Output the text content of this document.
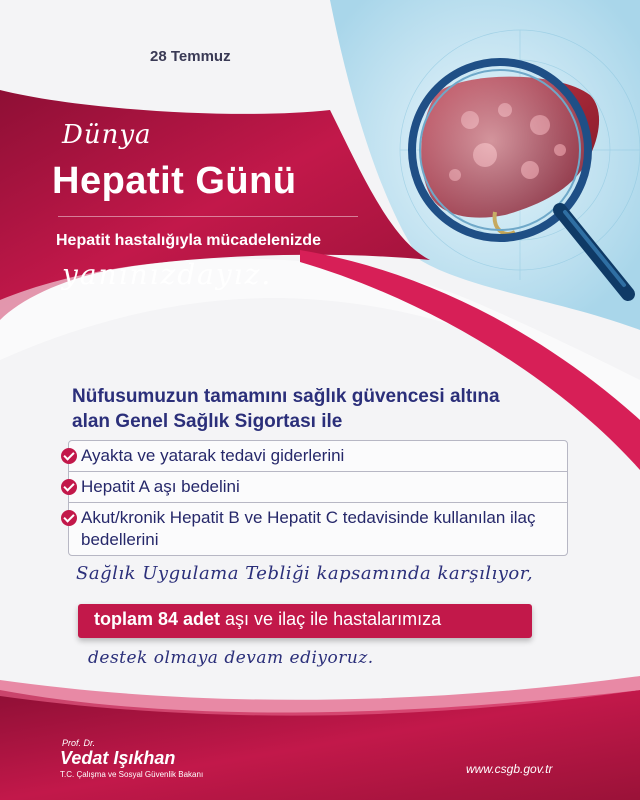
28 Temmuz
Dünya
Hepatit Günü
Hepatit hastalığıyla mücadelenizde
yanınızdayız.
Nüfusumuzun tamamını sağlık güvencesi altına alan Genel Sağlık Sigortası ile
Ayakta ve yatarak tedavi giderlerini
Hepatit A aşı bedelini
Akut/kronik Hepatit B ve Hepatit C tedavisinde kullanılan ilaç bedellerini
Sağlık Uygulama Tebliği kapsamında karşılıyor,
toplam 84 adet aşı ve ilaç ile hastalarımıza
destek olmaya devam ediyoruz.
Prof. Dr.
Vedat Işıkhan
T.C. Çalışma ve Sosyal Güvenlik Bakanı	www.csgb.gov.tr
